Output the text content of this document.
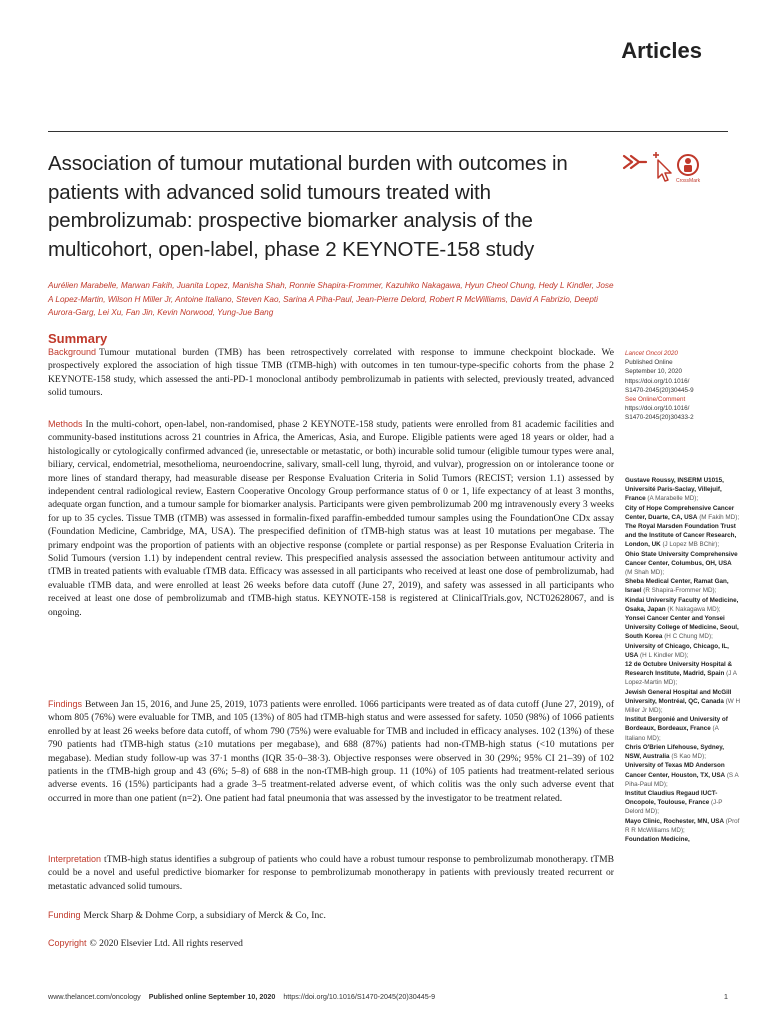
Articles
Association of tumour mutational burden with outcomes in patients with advanced solid tumours treated with pembrolizumab: prospective biomarker analysis of the multicohort, open-label, phase 2 KEYNOTE-158 study
CrossMark

Aurélien Marabelle, Marwan Fakih, Juanita Lopez, Manisha Shah, Ronnie Shapira-Frommer, Kazuhiko Nakagawa, Hyun Cheol Chung, Hedy L Kindler, Jose A Lopez-Martin, Wilson H Miller Jr, Antoine Italiano, Steven Kao, Sarina A Piha-Paul, Jean-Pierre Delord, Robert R McWilliams, David A Fabrizio, Deepti Aurora-Garg, Lei Xu, Fan Jin, Kevin Norwood, Yung-Jue Bang

Summary

Background Tumour mutational burden (TMB) has been retrospectively correlated with response to immune checkpoint blockade. We prospectively explored the association of high tissue TMB (tTMB-high) with outcomes in ten tumour-type-specific cohorts from the phase 2 KEYNOTE-158 study, which assessed the anti-PD-1 monoclonal antibody pembrolizumab in patients with selected, previously treated, advanced solid tumours.

Methods In the multi-cohort, open-label, non-randomised, phase 2 KEYNOTE-158 study, patients were enrolled from 81 academic facilities and community-based institutions across 21 countries in Africa, the Americas, Asia, and Europe. Eligible patients were aged 18 years or older, had a histologically or cytologically confirmed advanced (ie, unresectable or metastatic, or both) incurable solid tumour (eligible tumour types were anal, biliary, cervical, endometrial, mesothelioma, neuroendocrine, salivary, small-cell lung, thyroid, and vulvar), progression on or intolerance toone or more lines of standard therapy, had measurable disease per Response Evaluation Criteria in Solid Tumors (RECIST; version 1.1) assessed by independent central radiological review, Eastern Cooperative Oncology Group performance status of 0 or 1, life expectancy of at least 3 months, adequate organ function, and a tumour sample for biomarker analysis. Participants were given pembrolizumab 200 mg intravenously every 3 weeks for up to 35 cycles. Tissue TMB (tTMB) was assessed in formalin-fixed paraffin-embedded tumour samples using the FoundationOne CDx assay (Foundation Medicine, Cambridge, MA, USA). The prespecified definition of tTMB-high status was at least 10 mutations per megabase. The primary endpoint was the proportion of patients with an objective response (complete or partial response) as per Response Evaluation Criteria in Solid Tumours (version 1.1) by independent central review. This prespecified analysis assessed the association between antitumour activity and tTMB in treated patients with evaluable tTMB data. Efficacy was assessed in all participants who received at least one dose of pembrolizumab, had evaluable tTMB data, and were enrolled at least 26 weeks before data cutoff (June 27, 2019), and safety was assessed in all participants who received at least one dose of pembrolizumab and tTMB-high status. KEYNOTE-158 is registered at ClinicalTrials.gov, NCT02628067, and is ongoing.

Findings Between Jan 15, 2016, and June 25, 2019, 1073 patients were enrolled. 1066 participants were treated as of data cutoff (June 27, 2019), of whom 805 (76%) were evaluable for TMB, and 105 (13%) of 805 had tTMB-high status and were assessed for safety. 1050 (98%) of 1066 patients enrolled by at least 26 weeks before data cutoff, of whom 790 (75%) were evaluable for TMB and included in efficacy analyses. 102 (13%) of these 790 patients had tTMB-high status (≥10 mutations per megabase), and 688 (87%) patients had non-tTMB-high status (<10 mutations per megabase). Median study follow-up was 37·1 months (IQR 35·0–38·3). Objective responses were observed in 30 (29%; 95% CI 21–39) of 102 patients in the tTMB-high group and 43 (6%; 5–8) of 688 in the non-tTMB-high group. 11 (10%) of 105 patients had treatment-related serious adverse events. 16 (15%) participants had a grade 3–5 treatment-related adverse event, of which colitis was the only such adverse event that occurred in more than one patient (n=2). One patient had fatal pneumonia that was assessed by the investigator to be treatment related.

Interpretation tTMB-high status identifies a subgroup of patients who could have a robust tumour response to pembrolizumab monotherapy. tTMB could be a novel and useful predictive biomarker for response to pembrolizumab monotherapy in patients with previously treated recurrent or metastatic advanced solid tumours.

Funding Merck Sharp & Dohme Corp, a subsidiary of Merck & Co, Inc.

Copyright © 2020 Elsevier Ltd. All rights reserved

Lancet Oncol 2020
Published Online
September 10, 2020
https://doi.org/10.1016/
S1470-2045(20)30445-9
See Online/Comment
https://doi.org/10.1016/
S1470-2045(20)30433-2
Gustave Roussy, INSERM U1015, Université Paris-Saclay, Villejuif, France (A Marabelle MD);
City of Hope Comprehensive Cancer Center, Duarte, CA, USA (M Fakih MD);
The Royal Marsden Foundation Trust and the Institute of Cancer Research, London, UK (J Lopez MB BChir);
Ohio State University Comprehensive Cancer Center, Columbus, OH, USA (M Shah MD);
Sheba Medical Center, Ramat Gan, Israel (R Shapira-Frommer MD);
Kindai University Faculty of Medicine, Osaka, Japan (K Nakagawa MD);
Yonsei Cancer Center and Yonsei University College of Medicine, Seoul, South Korea (H C Chung MD);
University of Chicago, Chicago, IL, USA (H L Kindler MD);
12 de Octubre University Hospital & Research Institute, Madrid, Spain (J A Lopez-Martin MD);
Jewish General Hospital and McGill University, Montréal, QC, Canada (W H Miller Jr MD);
Institut Bergonié and University of Bordeaux, Bordeaux, France (A Italiano MD);
Chris O'Brien Lifehouse, Sydney, NSW, Australia (S Kao MD);
University of Texas MD Anderson Cancer Center, Houston, TX, USA (S A Piha-Paul MD);
Institut Claudius Regaud IUCT-Oncopole, Toulouse, France (J-P Delord MD);
Mayo Clinic, Rochester, MN, USA (Prof R R McWilliams MD);
Foundation Medicine,
www.thelancet.com/oncology Published online September 10, 2020 https://doi.org/10.1016/S1470-2045(20)30445-9	1
